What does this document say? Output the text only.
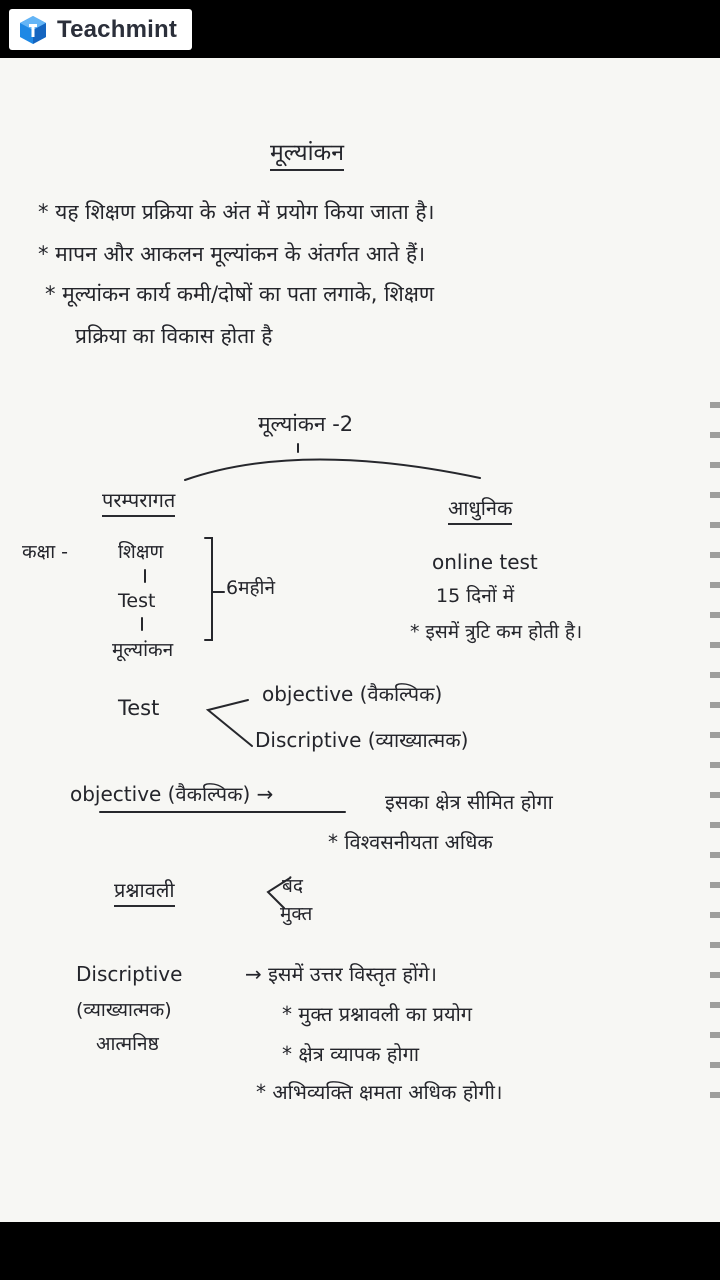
Teachmint
मूल्यांकन
* यह शिक्षण प्रक्रिया के अंत में प्रयोग किया जाता है।
* मापन और आकलन मूल्यांकन के अंतर्गत आते हैं।
* मूल्यांकन कार्य कमी/दोषों का पता लगाके, शिक्षण
प्रक्रिया का विकास होता है
मूल्यांकन -2
परम्परागत	आधुनिक
कक्षा -	शिक्षण
Test
मूल्यांकन
6महीने
online test
15 दिनों में
* इसमें त्रुटि कम होती है।
Test
objective (वैकल्पिक)
Discriptive (व्याख्यात्मक)
objective (वैकल्पिक) →	इसका क्षेत्र सीमित होगा
* विश्वसनीयता अधिक
प्रश्नावली	बंद
मुक्त
Discriptive
(व्याख्यात्मक)
आत्मनिष्ठ
→ इसमें उत्तर विस्तृत होंगे।
* मुक्त प्रश्नावली का प्रयोग
* क्षेत्र व्यापक होगा
* अभिव्यक्ति क्षमता अधिक होगी।
